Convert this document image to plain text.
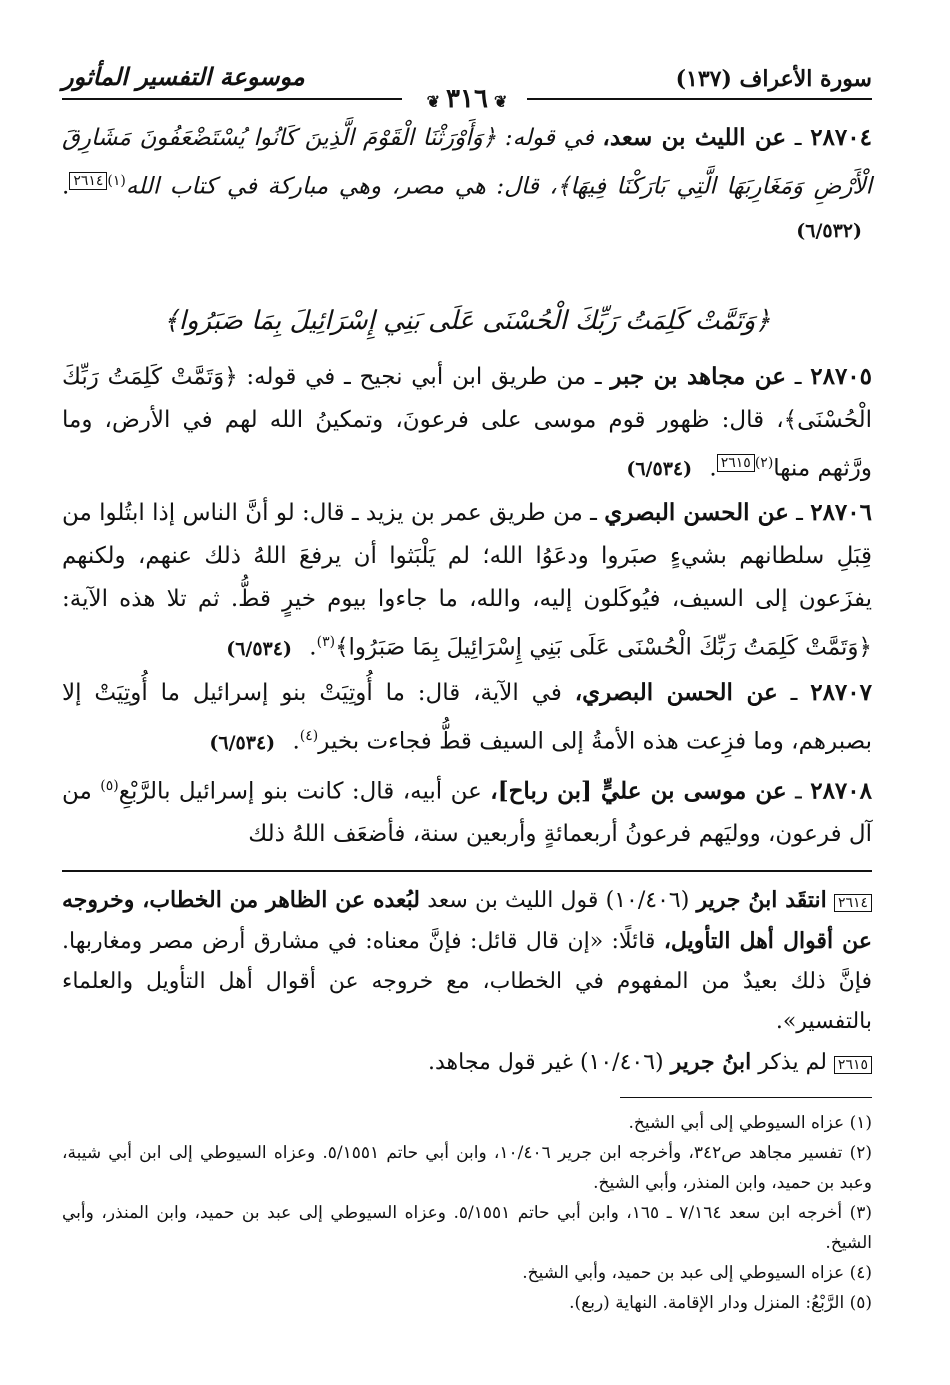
سورة الأعراف (١٣٧)
موسوعة التفسير المأثور
❦٣١٦❦

٢٨٧٠٤ ـ عن الليث بن سعد، في قوله: ﴿وَأَوْرَثْنَا الْقَوْمَ الَّذِينَ كَانُوا يُسْتَضْعَفُونَ مَشَارِقَ الْأَرْضِ وَمَغَارِبَهَا الَّتِي بَارَكْنَا فِيهَا﴾، قال: هي مصر، وهي مباركة في كتاب الله$^{(١)٢٦١٤}$. (٦/٥٣٢)

﴿وَتَمَّتْ كَلِمَتُ رَبِّكَ الْحُسْنَى عَلَى بَنِي إِسْرَائِيلَ بِمَا صَبَرُوا﴾

٢٨٧٠٥ ـ عن مجاهد بن جبر ـ من طريق ابن أبي نجيح ـ في قوله: ﴿وَتَمَّتْ كَلِمَتُ رَبِّكَ الْحُسْنَى﴾، قال: ظهور قوم موسى على فرعونَ، وتمكينُ الله لهم في الأرض، وما ورَّثهم منها$^{(٢)٢٦١٥}$. (٦/٥٣٤)

٢٨٧٠٦ ـ عن الحسن البصري ـ من طريق عمر بن يزيد ـ قال: لو أنَّ الناس إذا ابتُلوا من قِبَلِ سلطانهم بشيءٍ صبَروا ودعَوُا الله؛ لم يَلْبَثوا أن يرفعَ اللهُ ذلك عنهم، ولكنهم يفزَعون إلى السيف، فيُوكَلون إليه، والله، ما جاءوا بيوم خيرٍ قطُّ. ثم تلا هذه الآية: ﴿وَتَمَّتْ كَلِمَتُ رَبِّكَ الْحُسْنَى عَلَى بَنِي إِسْرَائِيلَ بِمَا صَبَرُوا﴾$^{(٣)}$. (٦/٥٣٤)

٢٨٧٠٧ ـ عن الحسن البصري، في الآية، قال: ما أُوتِيَتْ بنو إسرائيل ما أُوتِيَتْ إلا بصبرهم، وما فزِعت هذه الأمةُ إلى السيف قطُّ فجاءت بخير$^{(٤)}$. (٦/٥٣٤)

٢٨٧٠٨ ـ عن موسى بن عليٍّ [بن رباح]، عن أبيه، قال: كانت بنو إسرائيل بالرَّبْعِ$^{(٥)}$ من آل فرعون، ووليَهم فرعونُ أربعمائةٍ وأربعين سنة، فأضعَف اللهُ ذلك

٢٦١٤ انتقَد ابنُ جرير (١٠/٤٠٦) قول الليث بن سعد لبُعده عن الظاهر من الخطاب، وخروجه عن أقوال أهل التأويل، قائلًا: «إن قال قائل: فإنَّ معناه: في مشارق أرض مصر ومغاربها. فإنَّ ذلك بعيدٌ من المفهوم في الخطاب، مع خروجه عن أقوال أهل التأويل والعلماء بالتفسير».

٢٦١٥ لم يذكر ابنُ جرير (١٠/٤٠٦) غير قول مجاهد.

(١) عزاه السيوطي إلى أبي الشيخ.

(٢) تفسير مجاهد ص٣٤٢، وأخرجه ابن جرير ١٠/٤٠٦، وابن أبي حاتم ٥/١٥٥١. وعزاه السيوطي إلى ابن أبي شيبة، وعبد بن حميد، وابن المنذر، وأبي الشيخ.

(٣) أخرجه ابن سعد ٧/١٦٤ ـ ١٦٥، وابن أبي حاتم ٥/١٥٥١. وعزاه السيوطي إلى عبد بن حميد، وابن المنذر، وأبي الشيخ.

(٤) عزاه السيوطي إلى عبد بن حميد، وأبي الشيخ.

(٥) الرَّبْعُ: المنزل ودار الإقامة. النهاية (ربع).
